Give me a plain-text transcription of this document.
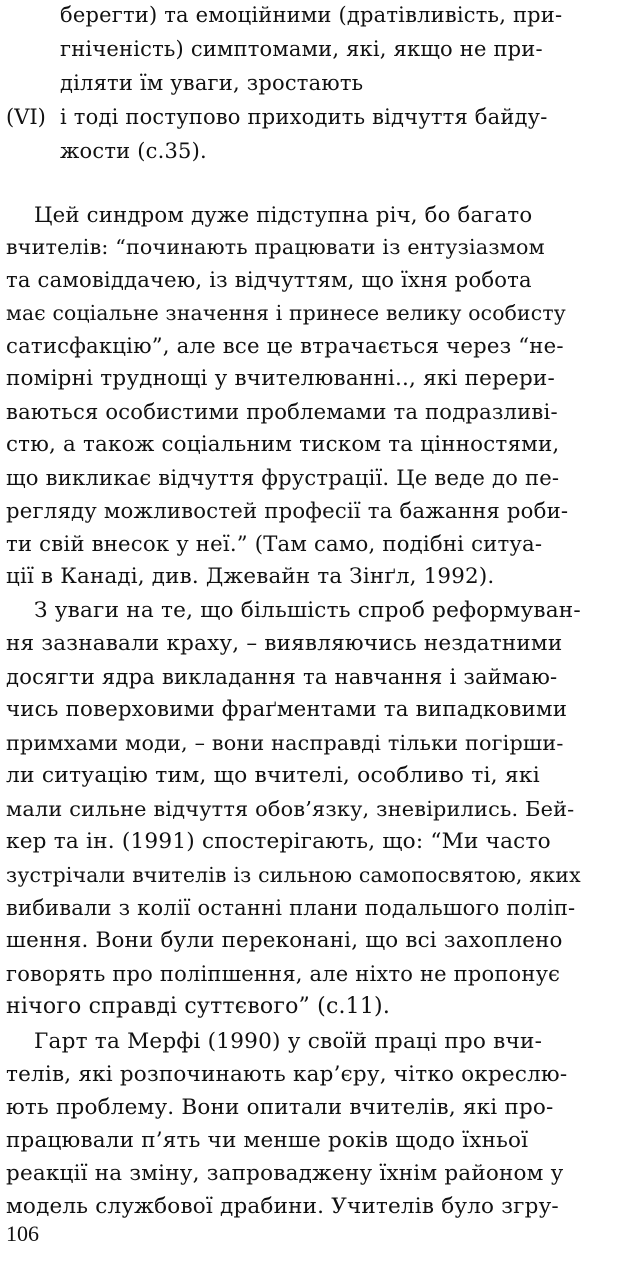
берегти) та емоційними (дратівливість, при-
гніченість) симптомами, які, якщо не при-
діляти їм уваги, зростають
(VI) і тоді поступово приходить відчуття байду-
жости (с.35).
Цей синдром дуже підступна річ, бо багато
вчителів: “починають працювати із ентузіазмом
та самовіддачею, із відчуттям, що їхня робота
має соціальне значення і принесе велику особисту
сатисфакцію”, але все це втрачається через “не-
помірні труднощі у вчителюванні.., які перери-
ваються особистими проблемами та подразливі-
стю, а також соціальним тиском та цінностями,
що викликає відчуття фрустрації. Це веде до пе-
регляду можливостей професії та бажання роби-
ти свій внесок у неї.” (Там само, подібні ситуа-
ції в Канаді, див. Джевайн та Зінґл, 1992).
З уваги на те, що більшість спроб реформуван-
ня зазнавали краху, – виявляючись нездатними
досягти ядра викладання та навчання і займаю-
чись поверховими фраґментами та випадковими
примхами моди, – вони насправді тільки погірши-
ли ситуацію тим, що вчителі, особливо ті, які
мали сильне відчуття обов’язку, зневірились. Бей-
кер та ін. (1991) спостерігають, що: “Ми часто
зустрічали вчителів із сильною самопосвятою, яких
вибивали з колії останні плани подальшого поліп-
шення. Вони були переконані, що всі захоплено
говорять про поліпшення, але ніхто не пропонує
нічого справді суттєвого” (с.11).
Гарт та Мерфі (1990) у своїй праці про вчи-
телів, які розпочинають кар’єру, чітко окреслю-
ють проблему. Вони опитали вчителів, які про-
працювали п’ять чи менше років щодо їхньої
реакції на зміну, запроваджену їхнім районом у
модель службової драбини. Учителів було згру-
106
